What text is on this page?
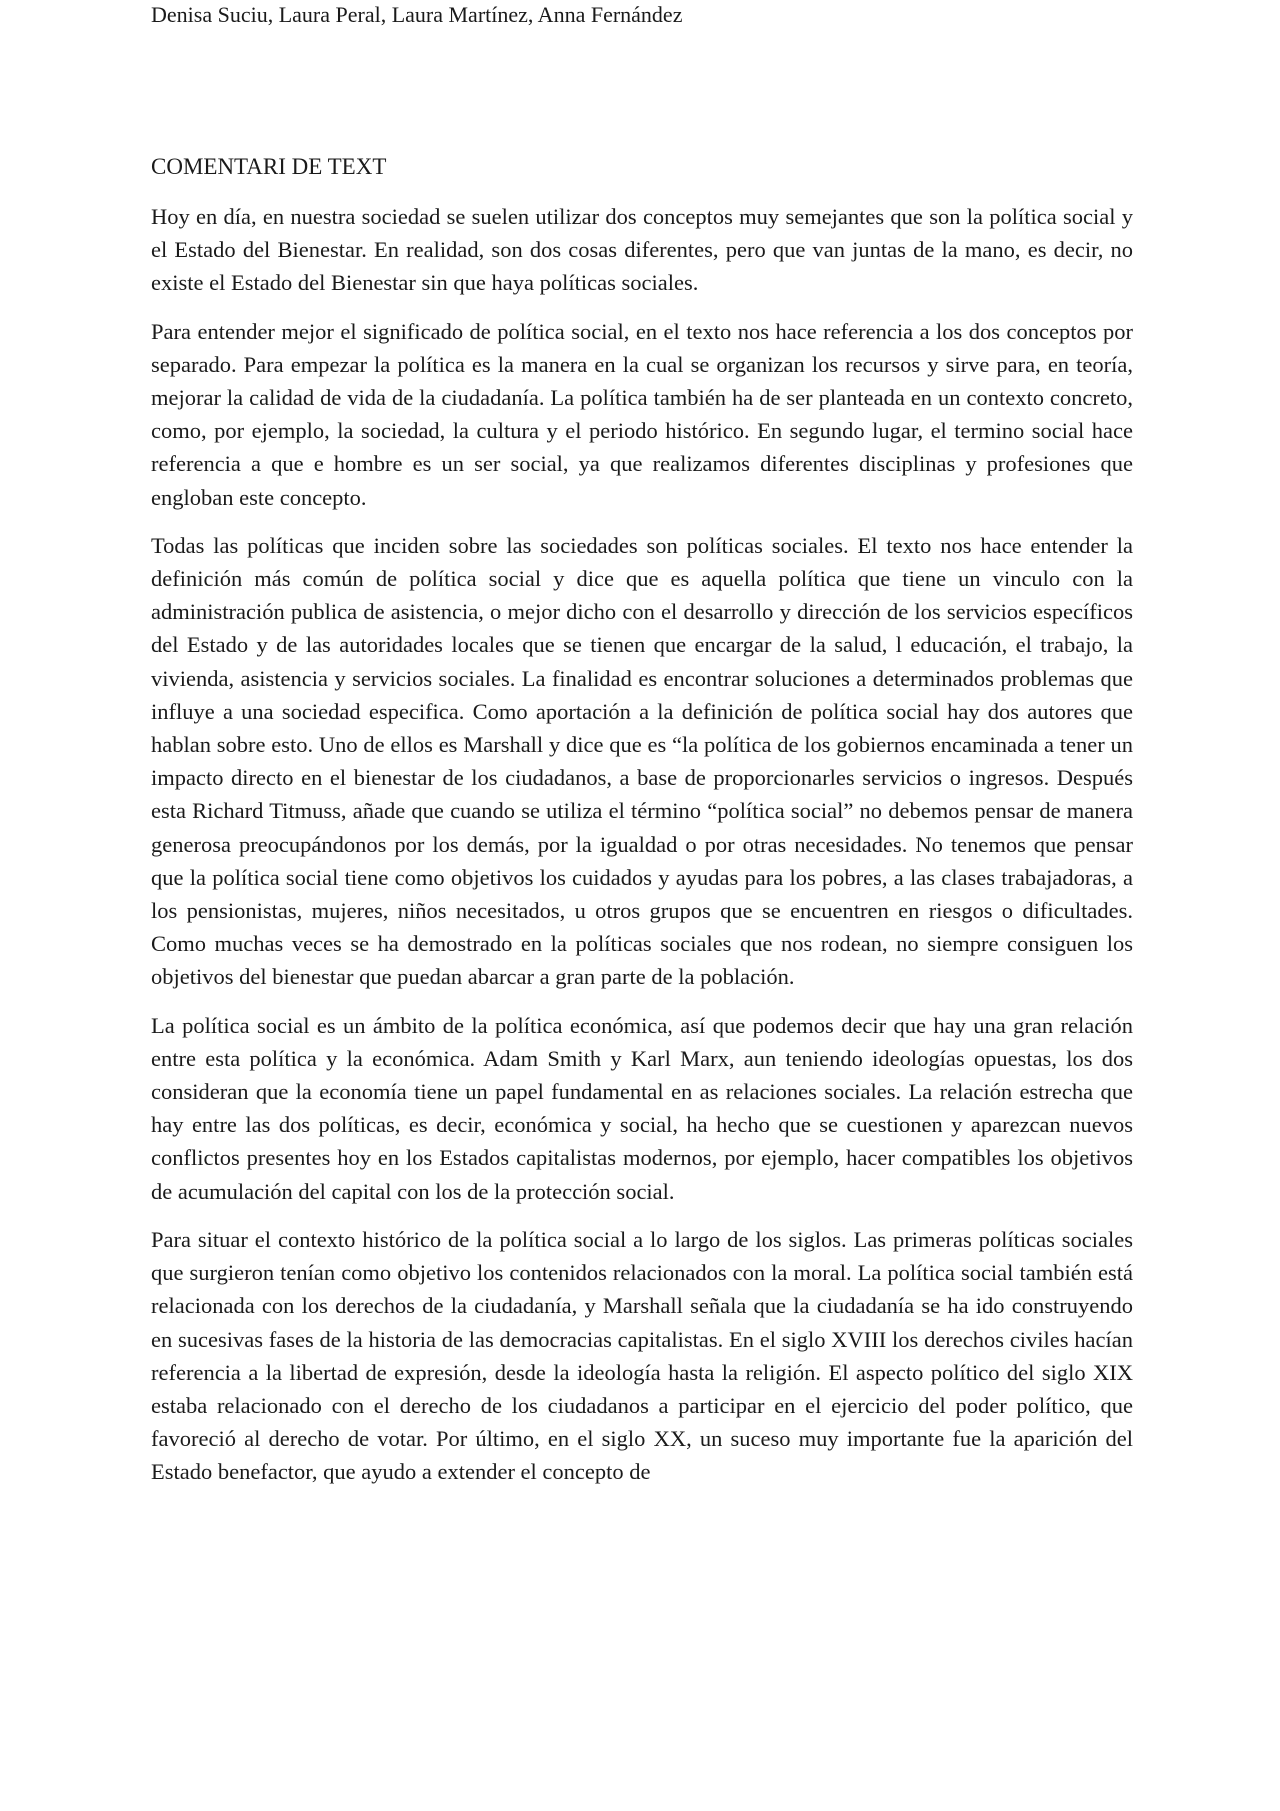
Denisa Suciu, Laura Peral, Laura Martínez, Anna Fernández
COMENTARI DE TEXT

Hoy en día, en nuestra sociedad se suelen utilizar dos conceptos muy semejantes que son la política social y el Estado del Bienestar. En realidad, son dos cosas diferentes, pero que van juntas de la mano, es decir, no existe el Estado del Bienestar sin que haya políticas sociales.

Para entender mejor el significado de política social, en el texto nos hace referencia a los dos conceptos por separado. Para empezar la política es la manera en la cual se organizan los recursos y sirve para, en teoría, mejorar la calidad de vida de la ciudadanía. La política también ha de ser planteada en un contexto concreto, como, por ejemplo, la sociedad, la cultura y el periodo histórico. En segundo lugar, el termino social hace referencia a que e hombre es un ser social, ya que realizamos diferentes disciplinas y profesiones que engloban este concepto.

Todas las políticas que inciden sobre las sociedades son políticas sociales. El texto nos hace entender la definición más común de política social y dice que es aquella política que tiene un vinculo con la administración publica de asistencia, o mejor dicho con el desarrollo y dirección de los servicios específicos del Estado y de las autoridades locales que se tienen que encargar de la salud, l educación, el trabajo, la vivienda, asistencia y servicios sociales. La finalidad es encontrar soluciones a determinados problemas que influye a una sociedad especifica. Como aportación a la definición de política social hay dos autores que hablan sobre esto. Uno de ellos es Marshall y dice que es “la política de los gobiernos encaminada a tener un impacto directo en el bienestar de los ciudadanos, a base de proporcionarles servicios o ingresos. Después esta Richard Titmuss, añade que cuando se utiliza el término “política social” no debemos pensar de manera generosa preocupándonos por los demás, por la igualdad o por otras necesidades. No tenemos que pensar que la política social tiene como objetivos los cuidados y ayudas para los pobres, a las clases trabajadoras, a los pensionistas, mujeres, niños necesitados, u otros grupos que se encuentren en riesgos o dificultades. Como muchas veces se ha demostrado en la políticas sociales que nos rodean, no siempre consiguen los objetivos del bienestar que puedan abarcar a gran parte de la población.

La política social es un ámbito de la política económica, así que podemos decir que hay una gran relación entre esta política y la económica. Adam Smith y Karl Marx, aun teniendo ideologías opuestas, los dos consideran que la economía tiene un papel fundamental en as relaciones sociales. La relación estrecha que hay entre las dos políticas, es decir, económica y social, ha hecho que se cuestionen y aparezcan nuevos conflictos presentes hoy en los Estados capitalistas modernos, por ejemplo, hacer compatibles los objetivos de acumulación del capital con los de la protección social.

Para situar el contexto histórico de la política social a lo largo de los siglos. Las primeras políticas sociales que surgieron tenían como objetivo los contenidos relacionados con la moral. La política social también está relacionada con los derechos de la ciudadanía, y Marshall señala que la ciudadanía se ha ido construyendo en sucesivas fases de la historia de las democracias capitalistas. En el siglo XVIII los derechos civiles hacían referencia a la libertad de expresión, desde la ideología hasta la religión. El aspecto político del siglo XIX estaba relacionado con el derecho de los ciudadanos a participar en el ejercicio del poder político, que favoreció al derecho de votar. Por último, en el siglo XX, un suceso muy importante fue la aparición del Estado benefactor, que ayudo a extender el concepto de
